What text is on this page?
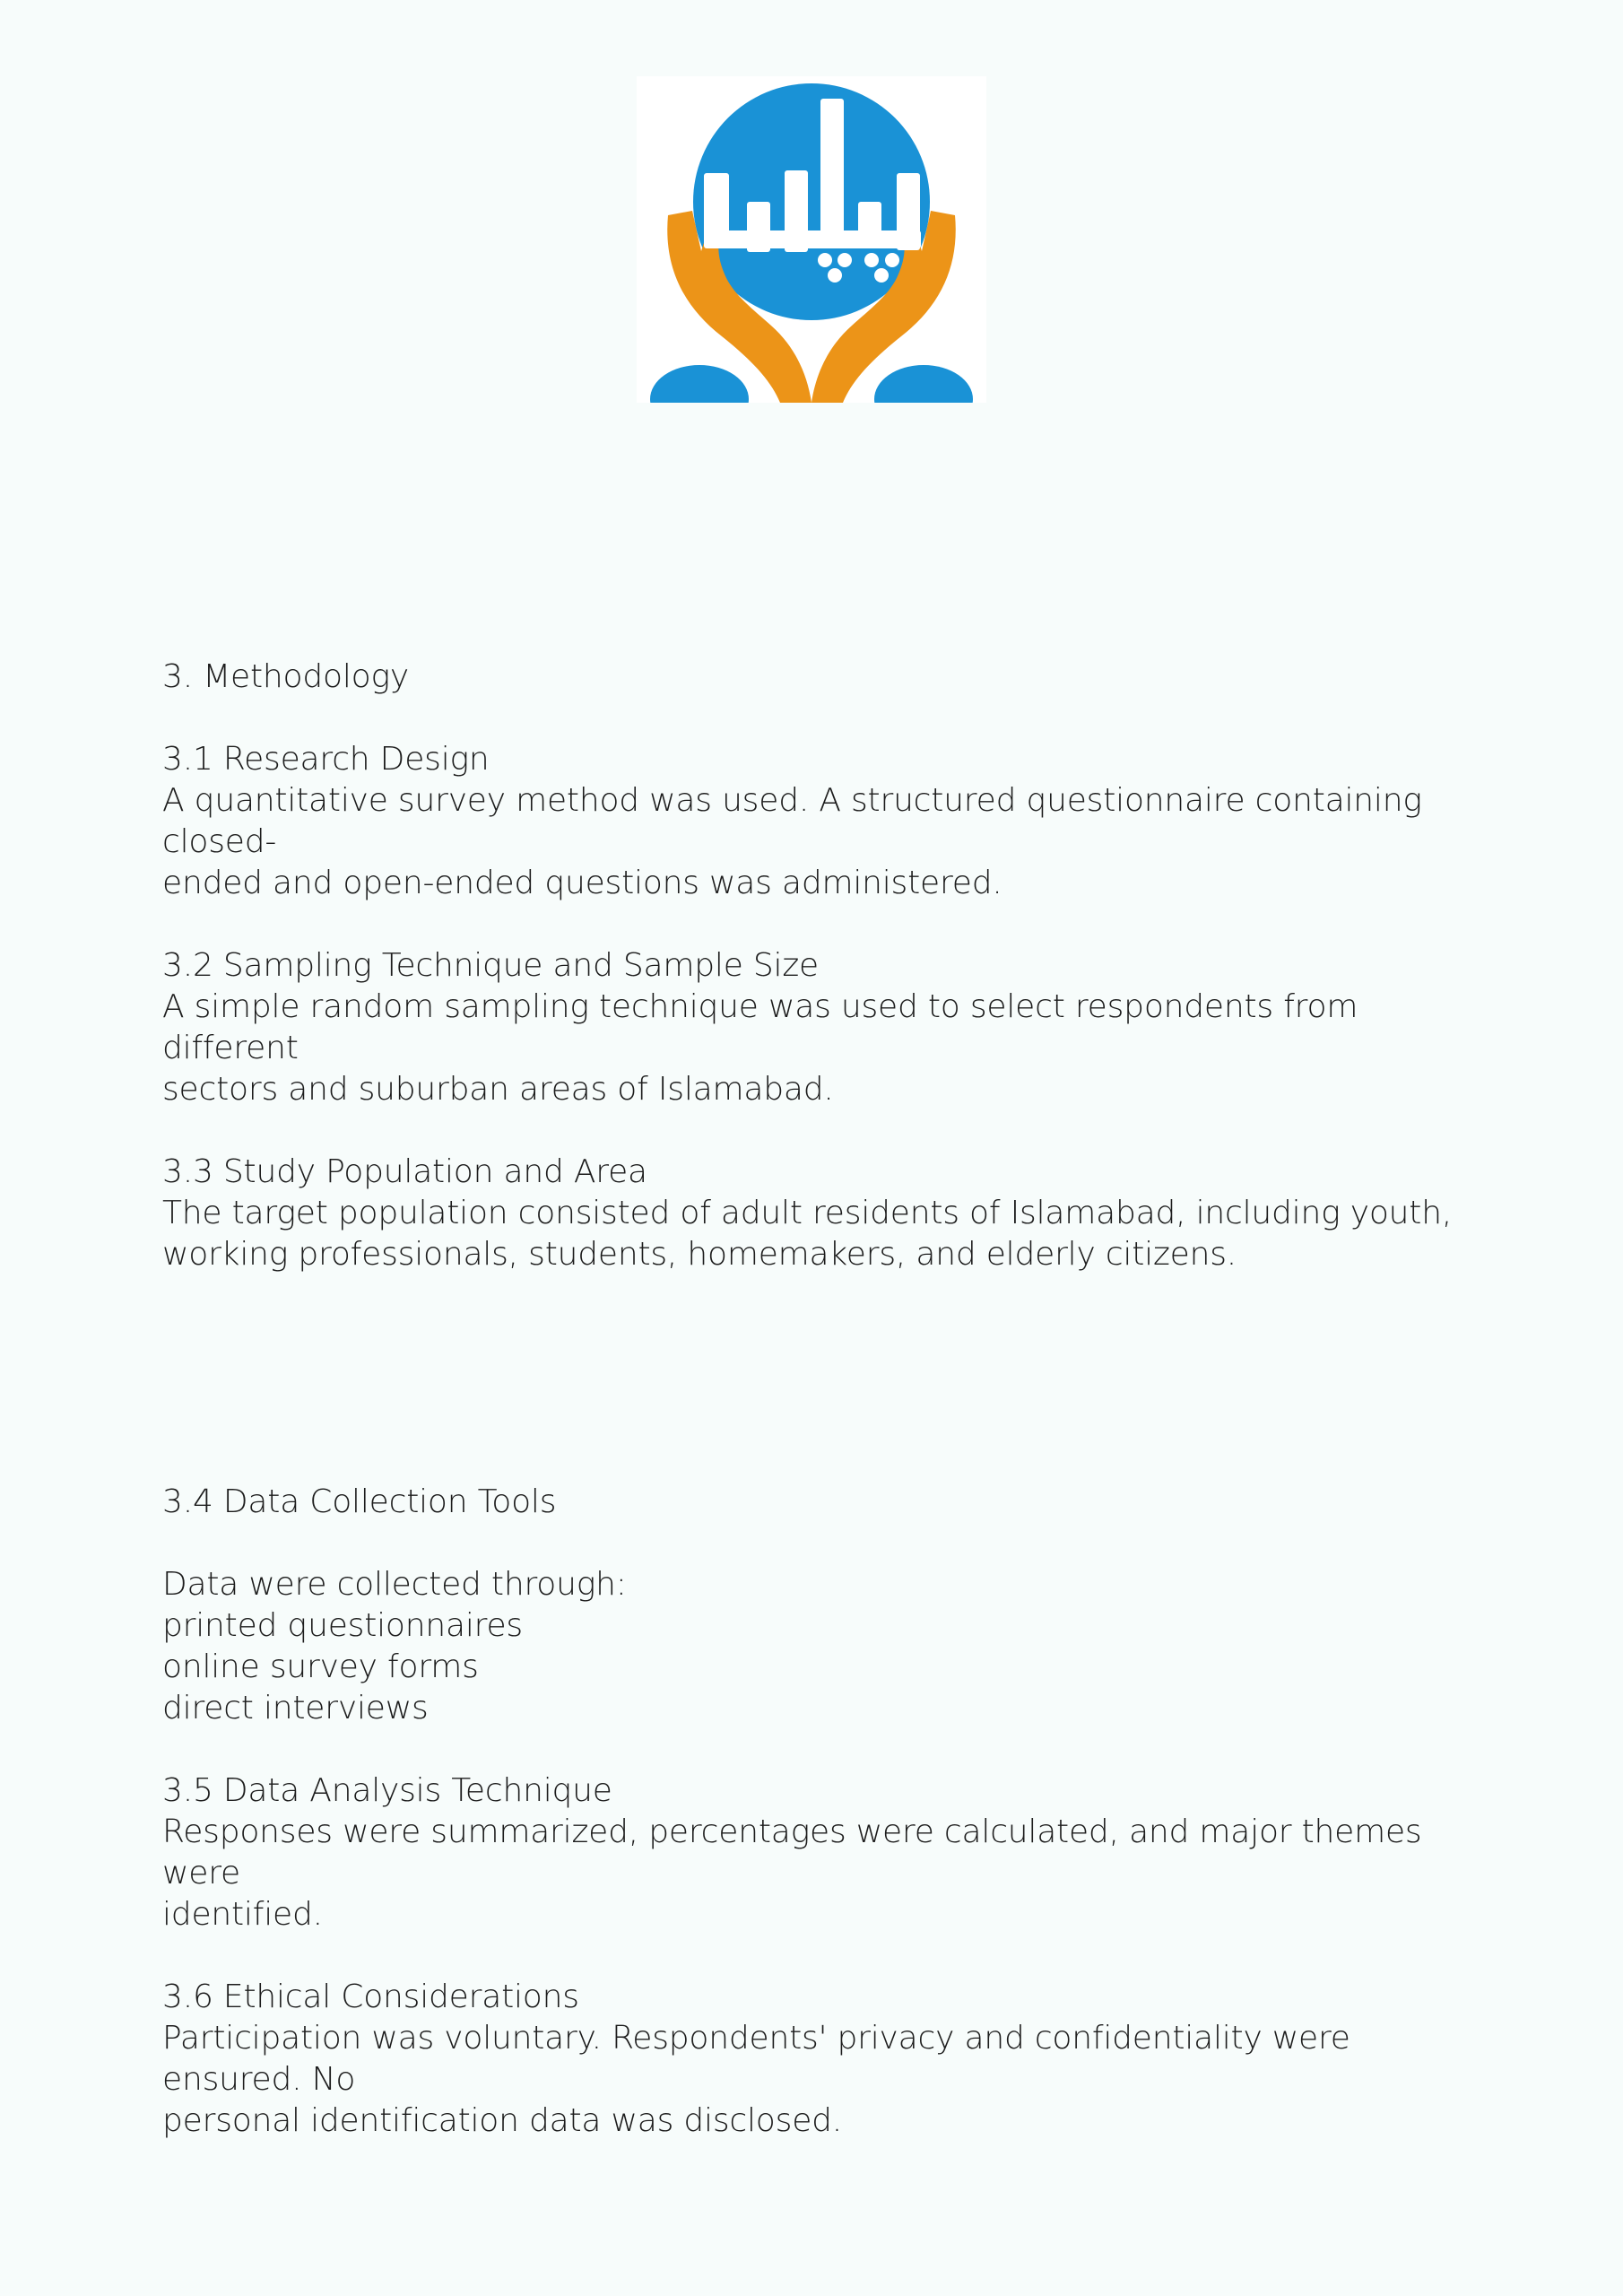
3. Methodology
3.1 Research Design
A quantitative survey method was used. A structured questionnaire containing closed-
ended and open-ended questions was administered.
3.2 Sampling Technique and Sample Size
A simple random sampling technique was used to select respondents from different
sectors and suburban areas of Islamabad.
3.3 Study Population and Area
The target population consisted of adult residents of Islamabad, including youth,
working professionals, students, homemakers, and elderly citizens.
3.4 Data Collection Tools
Data were collected through:
printed questionnaires
online survey forms
direct interviews
3.5 Data Analysis Technique
Responses were summarized, percentages were calculated, and major themes were
identified.
3.6 Ethical Considerations
Participation was voluntary. Respondents' privacy and confidentiality were ensured. No
personal identification data was disclosed.
